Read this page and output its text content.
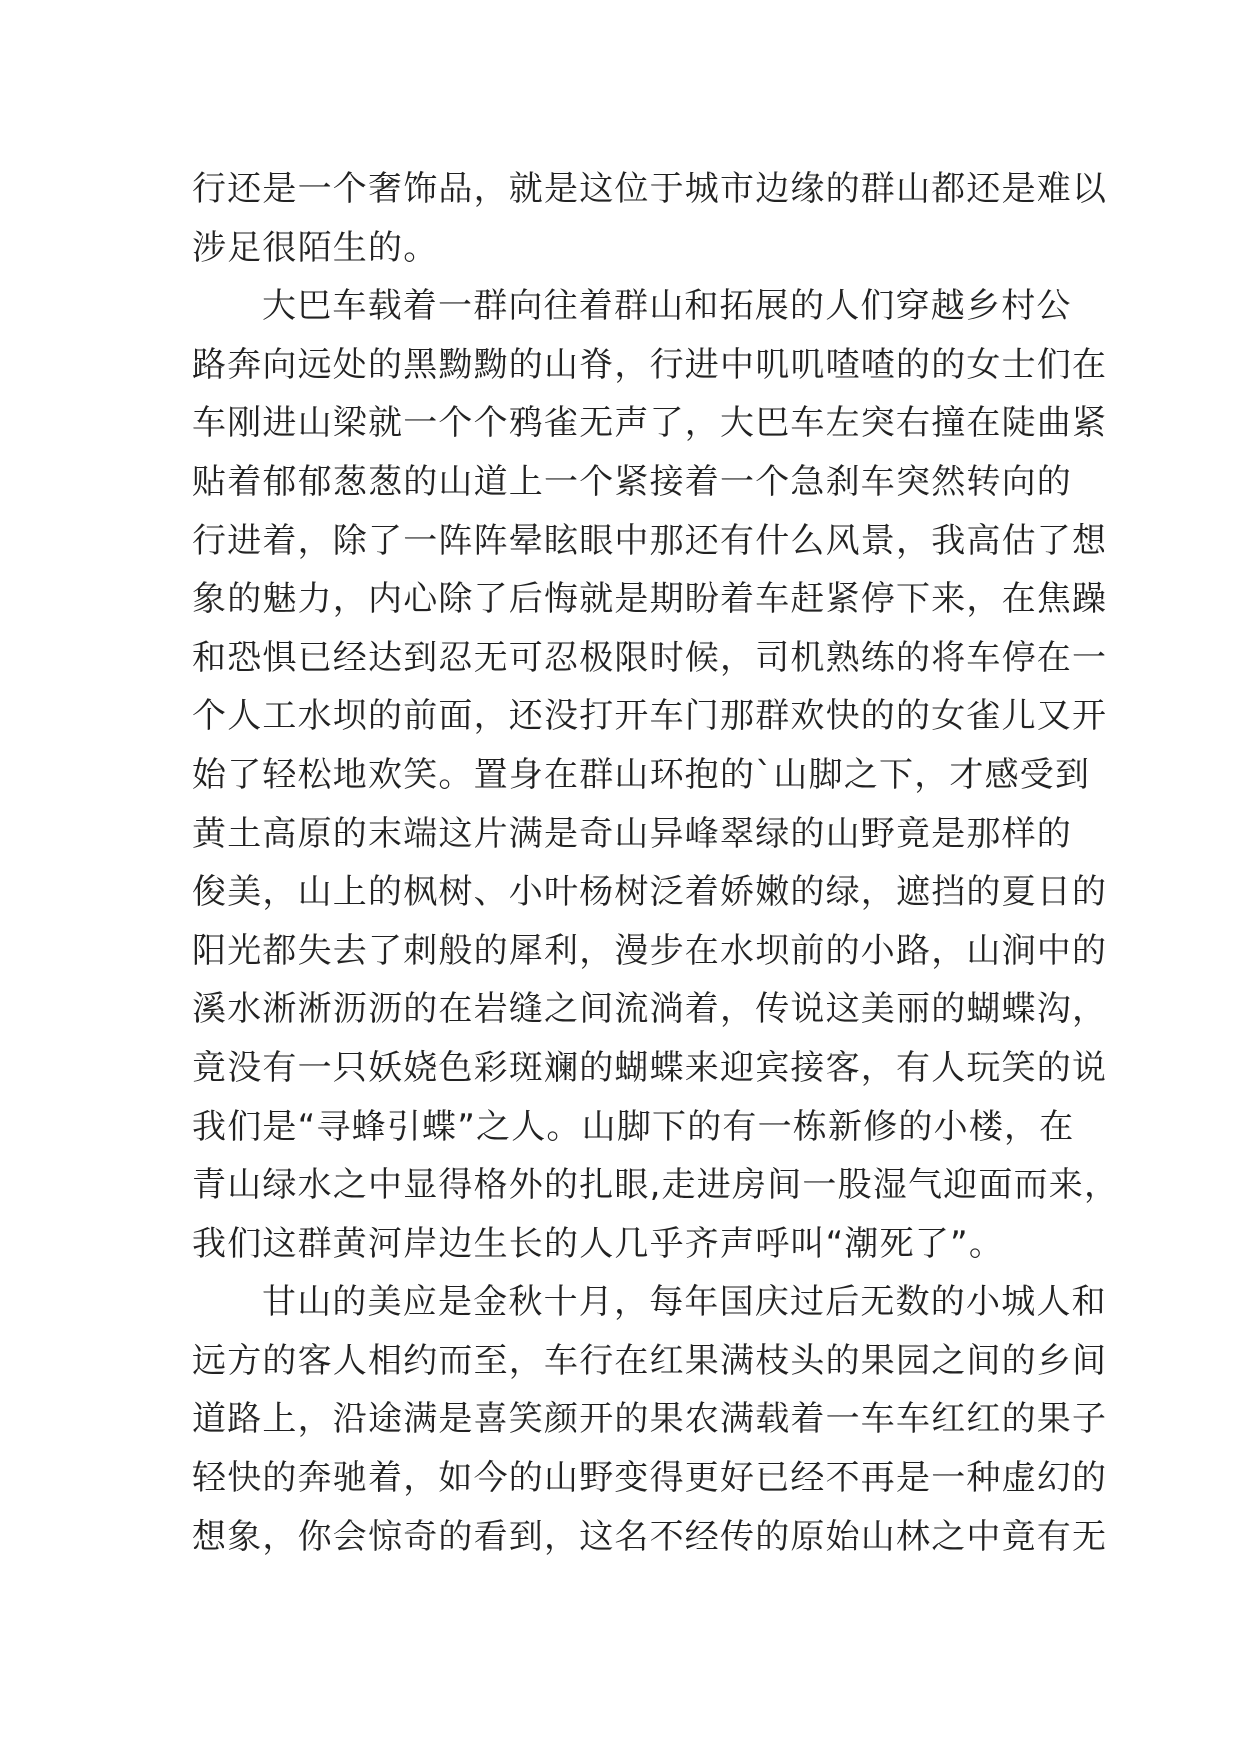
行还是一个奢饰品，就是这位于城市边缘的群山都还是难以
涉足很陌生的。
大巴车载着一群向往着群山和拓展的人们穿越乡村公
路奔向远处的黑黝黝的山脊，行进中叽叽喳喳的的女士们在
车刚进山梁就一个个鸦雀无声了，大巴车左突右撞在陡曲紧
贴着郁郁葱葱的山道上一个紧接着一个急刹车突然转向的
行进着，除了一阵阵晕眩眼中那还有什么风景，我高估了想
象的魅力，内心除了后悔就是期盼着车赶紧停下来，在焦躁
和恐惧已经达到忍无可忍极限时候，司机熟练的将车停在一
个人工水坝的前面，还没打开车门那群欢快的的女雀儿又开
始了轻松地欢笑。置身在群山环抱的`山脚之下，才感受到
黄土高原的末端这片满是奇山异峰翠绿的山野竟是那样的
俊美，山上的枫树、小叶杨树泛着娇嫩的绿，遮挡的夏日的
阳光都失去了刺般的犀利，漫步在水坝前的小路，山涧中的
溪水淅淅沥沥的在岩缝之间流淌着，传说这美丽的蝴蝶沟，
竟没有一只妖娆色彩斑斓的蝴蝶来迎宾接客，有人玩笑的说
我们是“寻蜂引蝶”之人。山脚下的有一栋新修的小楼，在
青山绿水之中显得格外的扎眼,走进房间一股湿气迎面而来，
我们这群黄河岸边生长的人几乎齐声呼叫“潮死了”。
甘山的美应是金秋十月，每年国庆过后无数的小城人和
远方的客人相约而至，车行在红果满枝头的果园之间的乡间
道路上，沿途满是喜笑颜开的果农满载着一车车红红的果子
轻快的奔驰着，如今的山野变得更好已经不再是一种虚幻的
想象，你会惊奇的看到，这名不经传的原始山林之中竟有无
